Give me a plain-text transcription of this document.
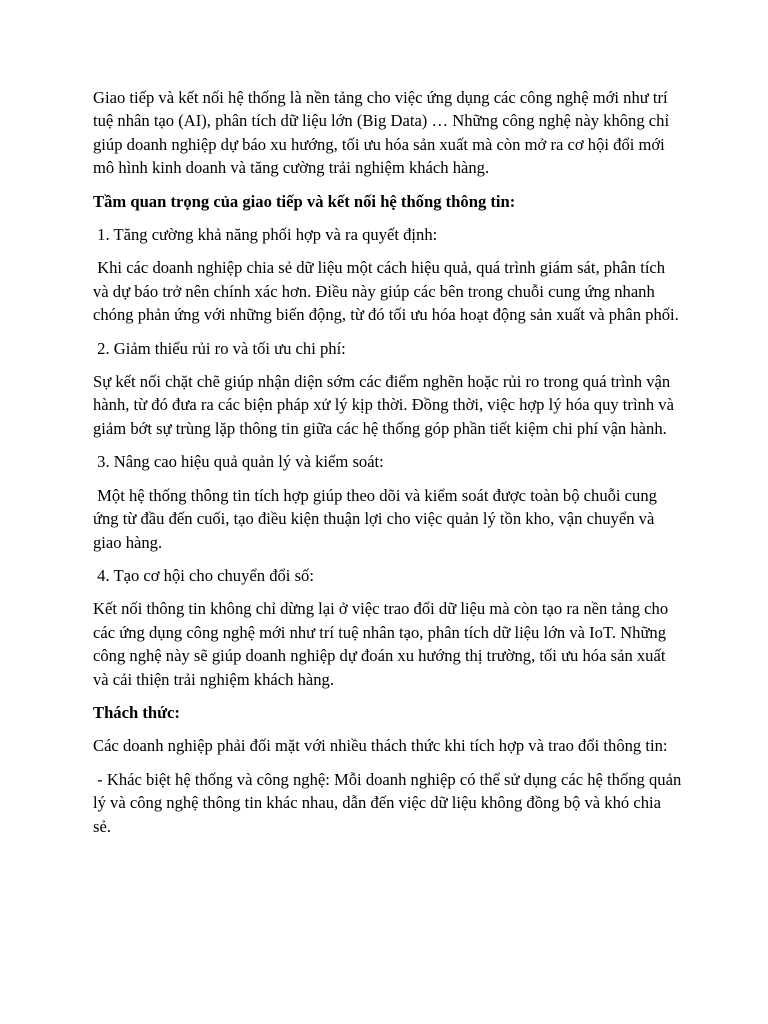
Giao tiếp và kết nối hệ thống là nền tảng cho việc ứng dụng các công nghệ mới như trí tuệ nhân tạo (AI), phân tích dữ liệu lớn (Big Data) … Những công nghệ này không chỉ giúp doanh nghiệp dự báo xu hướng, tối ưu hóa sản xuất mà còn mở ra cơ hội đổi mới mô hình kinh doanh và tăng cường trải nghiệm khách hàng.

Tầm quan trọng của giao tiếp và kết nối hệ thống thông tin:

1. Tăng cường khả năng phối hợp và ra quyết định:

Khi các doanh nghiệp chia sẻ dữ liệu một cách hiệu quả, quá trình giám sát, phân tích và dự báo trở nên chính xác hơn. Điều này giúp các bên trong chuỗi cung ứng nhanh chóng phản ứng với những biến động, từ đó tối ưu hóa hoạt động sản xuất và phân phối.

2. Giảm thiểu rủi ro và tối ưu chi phí:

Sự kết nối chặt chẽ giúp nhận diện sớm các điểm nghẽn hoặc rủi ro trong quá trình vận hành, từ đó đưa ra các biện pháp xử lý kịp thời. Đồng thời, việc hợp lý hóa quy trình và giảm bớt sự trùng lặp thông tin giữa các hệ thống góp phần tiết kiệm chi phí vận hành.

3. Nâng cao hiệu quả quản lý và kiểm soát:

Một hệ thống thông tin tích hợp giúp theo dõi và kiểm soát được toàn bộ chuỗi cung ứng từ đầu đến cuối, tạo điều kiện thuận lợi cho việc quản lý tồn kho, vận chuyển và giao hàng.

4. Tạo cơ hội cho chuyển đổi số:

Kết nối thông tin không chỉ dừng lại ở việc trao đổi dữ liệu mà còn tạo ra nền tảng cho các ứng dụng công nghệ mới như trí tuệ nhân tạo, phân tích dữ liệu lớn và IoT. Những công nghệ này sẽ giúp doanh nghiệp dự đoán xu hướng thị trường, tối ưu hóa sản xuất và cải thiện trải nghiệm khách hàng.

Thách thức:

Các doanh nghiệp phải đối mặt với nhiều thách thức khi tích hợp và trao đổi thông tin:

- Khác biệt hệ thống và công nghệ: Mỗi doanh nghiệp có thể sử dụng các hệ thống quản lý và công nghệ thông tin khác nhau, dẫn đến việc dữ liệu không đồng bộ và khó chia sẻ.
